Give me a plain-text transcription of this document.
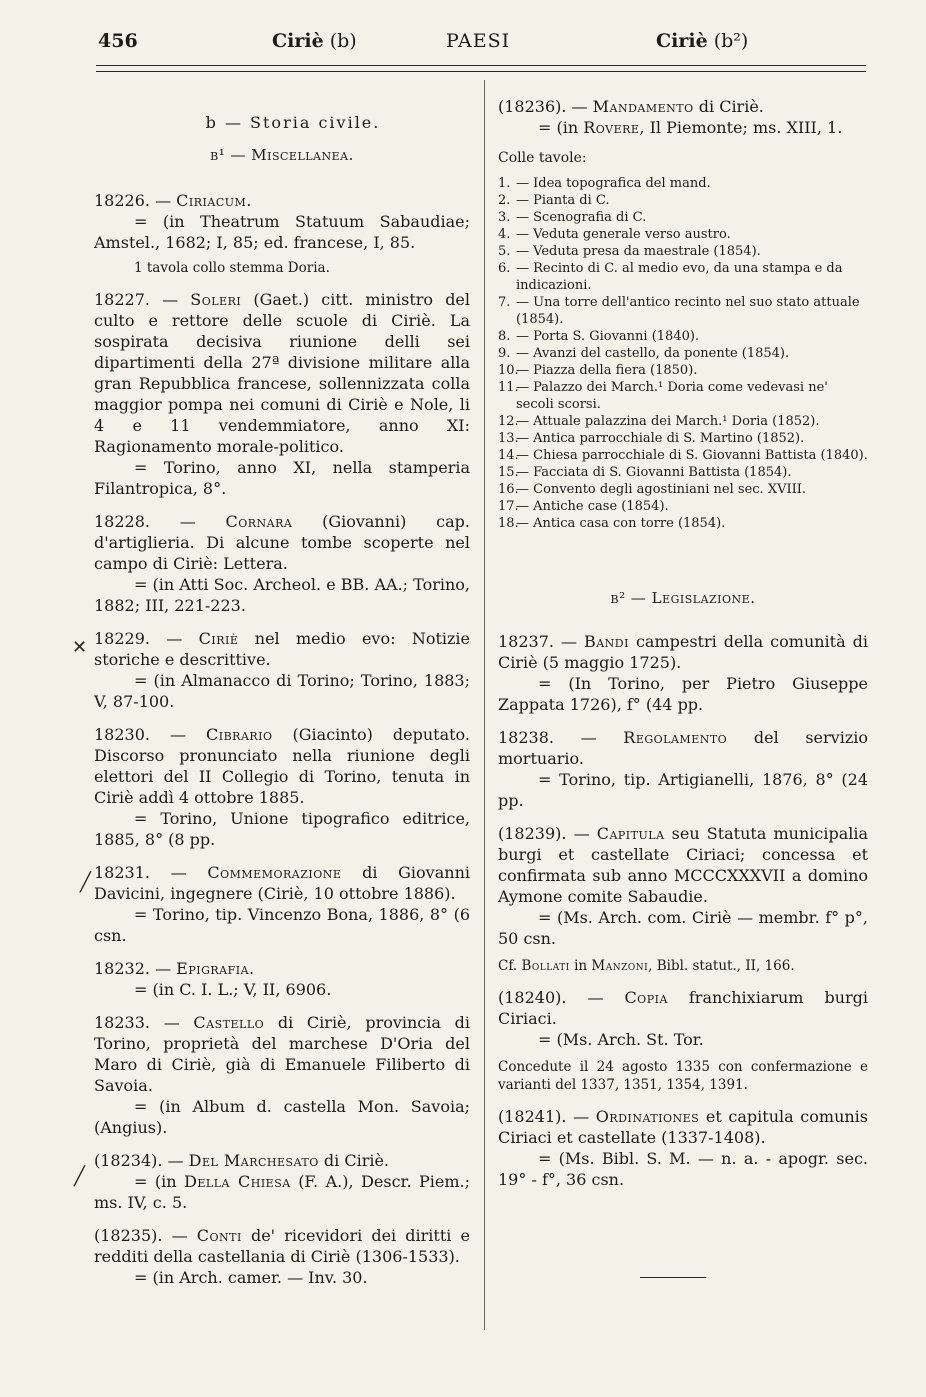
456	Ciriè (b)	PAESI	Ciriè (b²)

b — Storia civile.

b¹ — Miscellanea.

18226. — Ciriacum.

= (in Theatrum Statuum Sabaudiae; Amstel., 1682; I, 85; ed. francese, I, 85.

1 tavola collo stemma Doria.

18227. — Soleri (Gaet.) citt. ministro del culto e rettore delle scuole di Ciriè. La sospirata decisiva riunione delli sei dipartimenti della 27ª divisione militare alla gran Repubblica francese, sollennizzata colla maggior pompa nei comuni di Ciriè e Nole, li 4 e 11 vendemmiatore, anno XI: Ragionamento morale-politico.

= Torino, anno XI, nella stamperia Filantropica, 8°.

18228. — Cornara (Giovanni) cap. d'artiglieria. Di alcune tombe scoperte nel campo di Ciriè: Lettera.

= (in Atti Soc. Archeol. e BB. AA.; Torino, 1882; III, 221-223.

18229. — Ciriè nel medio evo: Notizie storiche e descrittive.

= (in Almanacco di Torino; Torino, 1883; V, 87-100.

18230. — Cibrario (Giacinto) deputato. Discorso pronunciato nella riunione degli elettori del II Collegio di Torino, tenuta in Ciriè addì 4 ottobre 1885.

= Torino, Unione tipografico editrice, 1885, 8° (8 pp.

18231. — Commemorazione di Giovanni Davicini, ingegnere (Ciriè, 10 ottobre 1886).

= Torino, tip. Vincenzo Bona, 1886, 8° (6 csn.

18232. — Epigrafia.

= (in C. I. L.; V, II, 6906.

18233. — Castello di Ciriè, provincia di Torino, proprietà del marchese D'Oria del Maro di Ciriè, già di Emanuele Filiberto di Savoia.

= (in Album d. castella Mon. Savoia; (Angius).

(18234). — Del Marchesato di Ciriè.

= (in Della Chiesa (F. A.), Descr. Piem.; ms. IV, c. 5.

(18235). — Conti de' ricevidori dei diritti e redditi della castellania di Ciriè (1306-1533).

= (in Arch. camer. — Inv. 30.

(18236). — Mandamento di Ciriè.

= (in Rovere, Il Piemonte; ms. XIII, 1.

Colle tavole:

1. — Idea topografica del mand.
2. — Pianta di C.
3. — Scenografia di C.
4. — Veduta generale verso austro.
5. — Veduta presa da maestrale (1854).
6. — Recinto di C. al medio evo, da una stampa e da indicazioni.
7. — Una torre dell'antico recinto nel suo stato attuale (1854).
8. — Porta S. Giovanni (1840).
9. — Avanzi del castello, da ponente (1854).
10.
— Piazza della fiera (1850).
11.
— Palazzo dei March.¹ Doria come vedevasi ne' secoli scorsi.
12.
— Attuale palazzina dei March.¹ Doria (1852).
13.
— Antica parrocchiale di S. Martino (1852).
14.
— Chiesa parrocchiale di S. Giovanni Battista (1840).
15.
— Facciata di S. Giovanni Battista (1854).
16.
— Convento degli agostiniani nel sec. XVIII.
17.
— Antiche case (1854).
18.
— Antica casa con torre (1854).

b² — Legislazione.

18237. — Bandi campestri della comunità di Ciriè (5 maggio 1725).

= (In Torino, per Pietro Giuseppe Zappata 1726), f° (44 pp.

18238. — Regolamento del servizio mortuario.

= Torino, tip. Artigianelli, 1876, 8° (24 pp.

(18239). — Capitula seu Statuta municipalia burgi et castellate Ciriaci; concessa et confirmata sub anno MCCCXXXVII a domino Aymone comite Sabaudie.

= (Ms. Arch. com. Ciriè — membr. f° p°, 50 csn.

Cf. Bollati in Manzoni, Bibl. statut., II, 166.

(18240). — Copia franchixiarum burgi Ciriaci.

= (Ms. Arch. St. Tor.

Concedute il 24 agosto 1335 con confermazione e varianti del 1337, 1351, 1354, 1391.

(18241). — Ordinationes et capitula comunis Ciriaci et castellate (1337-1408).

= (Ms. Bibl. S. M. — n. a. - apogr. sec. 19° - f°, 36 csn.

✕
╱
╱
